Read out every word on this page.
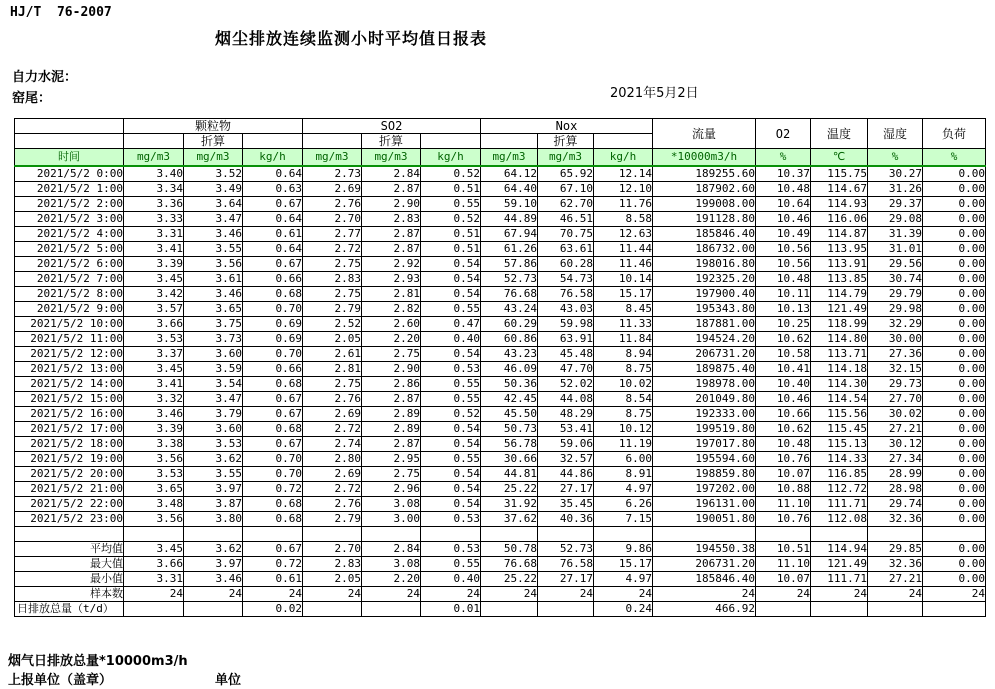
HJ/T  76-2007
烟尘排放连续监测小时平均值日报表
自力水泥：
窑尾：	2021年5月2日
	颗粒物			SO2			Nox			流量	O2	温度	湿度	负荷
		折算			折算			折算						
时间	mg/m3	mg/m3	kg/h	mg/m3	mg/m3	kg/h	mg/m3	mg/m3	kg/h	*10000m3/h	%	℃	%	%
2021/5/2 0:00	3.40	3.52	0.64	2.73	2.84	0.52	64.12	65.92	12.14	189255.60	10.37	115.75	30.27	0.00
2021/5/2 1:00	3.34	3.49	0.63	2.69	2.87	0.51	64.40	67.10	12.10	187902.60	10.48	114.67	31.26	0.00
2021/5/2 2:00	3.36	3.64	0.67	2.76	2.90	0.55	59.10	62.70	11.76	199008.00	10.64	114.93	29.37	0.00
2021/5/2 3:00	3.33	3.47	0.64	2.70	2.83	0.52	44.89	46.51	8.58	191128.80	10.46	116.06	29.08	0.00
2021/5/2 4:00	3.31	3.46	0.61	2.77	2.87	0.51	67.94	70.75	12.63	185846.40	10.49	114.87	31.39	0.00
2021/5/2 5:00	3.41	3.55	0.64	2.72	2.87	0.51	61.26	63.61	11.44	186732.00	10.56	113.95	31.01	0.00
2021/5/2 6:00	3.39	3.56	0.67	2.75	2.92	0.54	57.86	60.28	11.46	198016.80	10.56	113.91	29.56	0.00
2021/5/2 7:00	3.45	3.61	0.66	2.83	2.93	0.54	52.73	54.73	10.14	192325.20	10.48	113.85	30.74	0.00
2021/5/2 8:00	3.42	3.46	0.68	2.75	2.81	0.54	76.68	76.58	15.17	197900.40	10.11	114.79	29.79	0.00
2021/5/2 9:00	3.57	3.65	0.70	2.79	2.82	0.55	43.24	43.03	8.45	195343.80	10.13	121.49	29.98	0.00
2021/5/2 10:00	3.66	3.75	0.69	2.52	2.60	0.47	60.29	59.98	11.33	187881.00	10.25	118.99	32.29	0.00
2021/5/2 11:00	3.53	3.73	0.69	2.05	2.20	0.40	60.86	63.91	11.84	194524.20	10.62	114.80	30.00	0.00
2021/5/2 12:00	3.37	3.60	0.70	2.61	2.75	0.54	43.23	45.48	8.94	206731.20	10.58	113.71	27.36	0.00
2021/5/2 13:00	3.45	3.59	0.66	2.81	2.90	0.53	46.09	47.70	8.75	189875.40	10.41	114.18	32.15	0.00
2021/5/2 14:00	3.41	3.54	0.68	2.75	2.86	0.55	50.36	52.02	10.02	198978.00	10.40	114.30	29.73	0.00
2021/5/2 15:00	3.32	3.47	0.67	2.76	2.87	0.55	42.45	44.08	8.54	201049.80	10.46	114.54	27.70	0.00
2021/5/2 16:00	3.46	3.79	0.67	2.69	2.89	0.52	45.50	48.29	8.75	192333.00	10.66	115.56	30.02	0.00
2021/5/2 17:00	3.39	3.60	0.68	2.72	2.89	0.54	50.73	53.41	10.12	199519.80	10.62	115.45	27.21	0.00
2021/5/2 18:00	3.38	3.53	0.67	2.74	2.87	0.54	56.78	59.06	11.19	197017.80	10.48	115.13	30.12	0.00
2021/5/2 19:00	3.56	3.62	0.70	2.80	2.95	0.55	30.66	32.57	6.00	195594.60	10.76	114.33	27.34	0.00
2021/5/2 20:00	3.53	3.55	0.70	2.69	2.75	0.54	44.81	44.86	8.91	198859.80	10.07	116.85	28.99	0.00
2021/5/2 21:00	3.65	3.97	0.72	2.72	2.96	0.54	25.22	27.17	4.97	197202.00	10.88	112.72	28.98	0.00
2021/5/2 22:00	3.48	3.87	0.68	2.76	3.08	0.54	31.92	35.45	6.26	196131.00	11.10	111.71	29.74	0.00
2021/5/2 23:00	3.56	3.80	0.68	2.79	3.00	0.53	37.62	40.36	7.15	190051.80	10.76	112.08	32.36	0.00

平均值	3.45	3.62	0.67	2.70	2.84	0.53	50.78	52.73	9.86	194550.38	10.51	114.94	29.85	0.00
最大值	3.66	3.97	0.72	2.83	3.08	0.55	76.68	76.58	15.17	206731.20	11.10	121.49	32.36	0.00
最小值	3.31	3.46	0.61	2.05	2.20	0.40	25.22	27.17	4.97	185846.40	10.07	111.71	27.21	0.00
样本数	24	24	24	24	24	24	24	24	24	24	24	24	24	24
日排放总量（t/d）			0.02			0.01			0.24	466.92				
烟气日排放总量*10000m3/h
上报单位（盖章）	单位
